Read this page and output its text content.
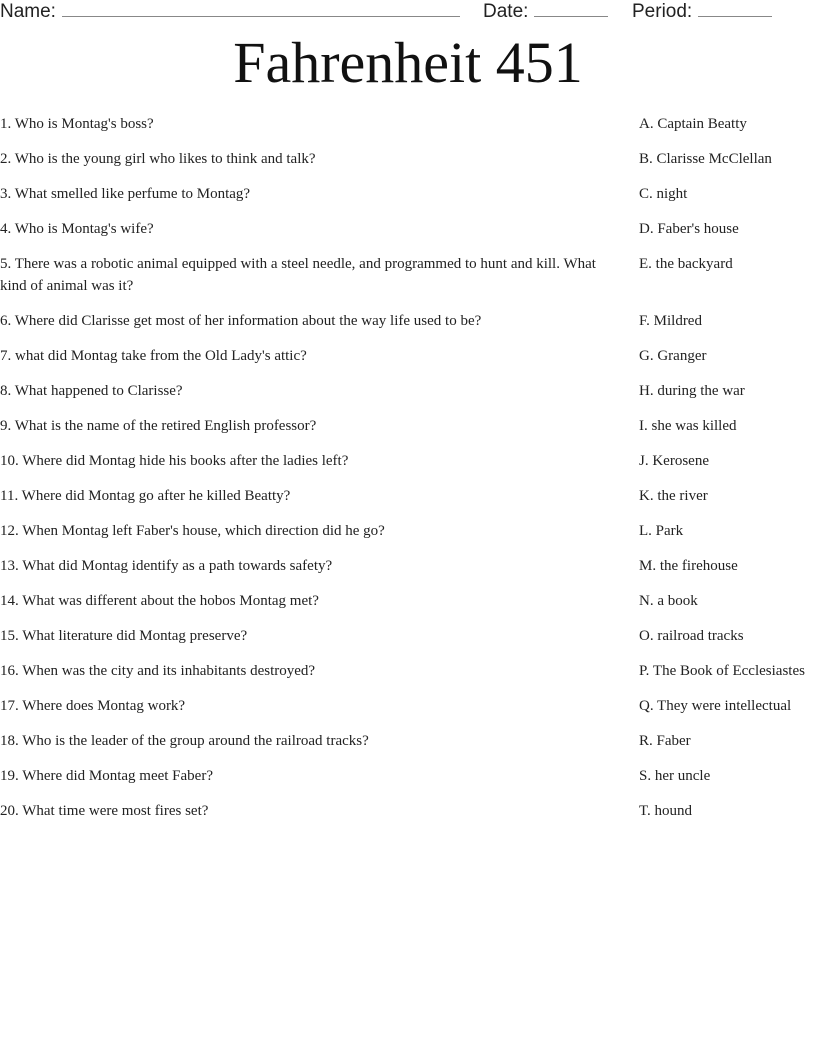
Name:	Date:	Period:
Fahrenheit 451
1. Who is Montag's boss?
2. Who is the young girl who likes to think and talk?
3. What smelled like perfume to Montag?
4. Who is Montag's wife?
5. There was a robotic animal equipped with a steel needle, and programmed to hunt and kill. What kind of animal was it?
6. Where did Clarisse get most of her information about the way life used to be?
7. what did Montag take from the Old Lady's attic?
8. What happened to Clarisse?
9. What is the name of the retired English professor?
10. Where did Montag hide his books after the ladies left?
11. Where did Montag go after he killed Beatty?
12. When Montag left Faber's house, which direction did he go?
13. What did Montag identify as a path towards safety?
14. What was different about the hobos Montag met?
15. What literature did Montag preserve?
16. When was the city and its inhabitants destroyed?
17. Where does Montag work?
18. Who is the leader of the group around the railroad tracks?
19. Where did Montag meet Faber?
20. What time were most fires set?
A. Captain Beatty
B. Clarisse McClellan
C. night
D. Faber's house
E. the backyard
F. Mildred
G. Granger
H. during the war
I. she was killed
J. Kerosene
K. the river
L. Park
M. the firehouse
N. a book
O. railroad tracks
P. The Book of Ecclesiastes
Q. They were intellectual
R. Faber
S. her uncle
T. hound
